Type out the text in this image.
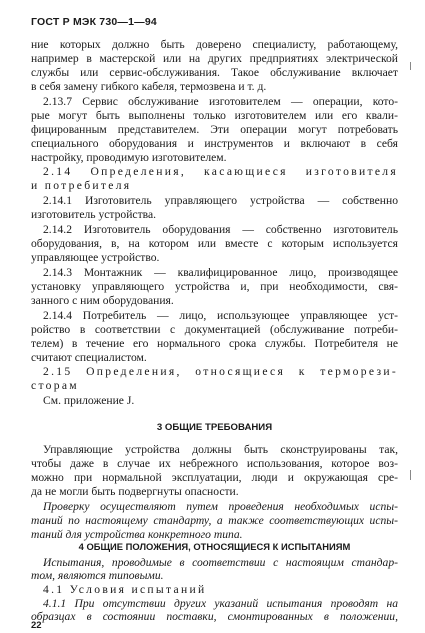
ГОСТ Р МЭК 730—1—94
ние которых должно быть доверено специалисту, работающему,
например в мастерской или на других предприятиях электрической
службы или сервис-обслуживания. Такое обслуживание включает
в себя замену гибкого кабеля, термозвена и т. д.
2.13.7 Сервис обслуживание изготовителем — операции, кото-
рые могут быть выполнены только изготовителем или его квали-
фицированным представителем. Эти операции могут потребовать
специального оборудования и инструментов и включают в себя
настройку, проводимую изготовителем.
2.14 Определения, касающиеся изготовителя
и потребителя
2.14.1 Изготовитель управляющего устройства — собственно
изготовитель устройства.
2.14.2 Изготовитель оборудования — собственно изготовитель
оборудования, в, на котором или вместе с которым используется
управляющее устройство.
2.14.3 Монтажник — квалифицированное лицо, производящее
установку управляющего устройства и, при необходимости, свя-
занного с ним оборудования.
2.14.4 Потребитель — лицо, использующее управляющее уст-
ройство в соответствии с документацией (обслуживание потреби-
телем) в течение его нормального срока службы. Потребителя не
считают специалистом.
2.15 Определения, относящиеся к терморези-
сторам
См. приложение J.
3 ОБЩИЕ ТРЕБОВАНИЯ
Управляющие устройства должны быть сконструированы так,
чтобы даже в случае их небрежного использования, которое воз-
можно при нормальной эксплуатации, люди и окружающая сре-
да не могли быть подвергнуты опасности.
Проверку осуществляют путем проведения необходимых испы-
таний по настоящему стандарту, а также соответствующих испы-
таний для устройства конкретного типа.
4 ОБЩИЕ ПОЛОЖЕНИЯ, ОТНОСЯЩИЕСЯ К ИСПЫТАНИЯМ
Испытания, проводимые в соответствии с настоящим стандар-
том, являются типовыми.
22
4.1 Условия испытаний
4.1.1 При отсутствии других указаний испытания проводят на
образцах в состоянии поставки, смонтированных в положении,
